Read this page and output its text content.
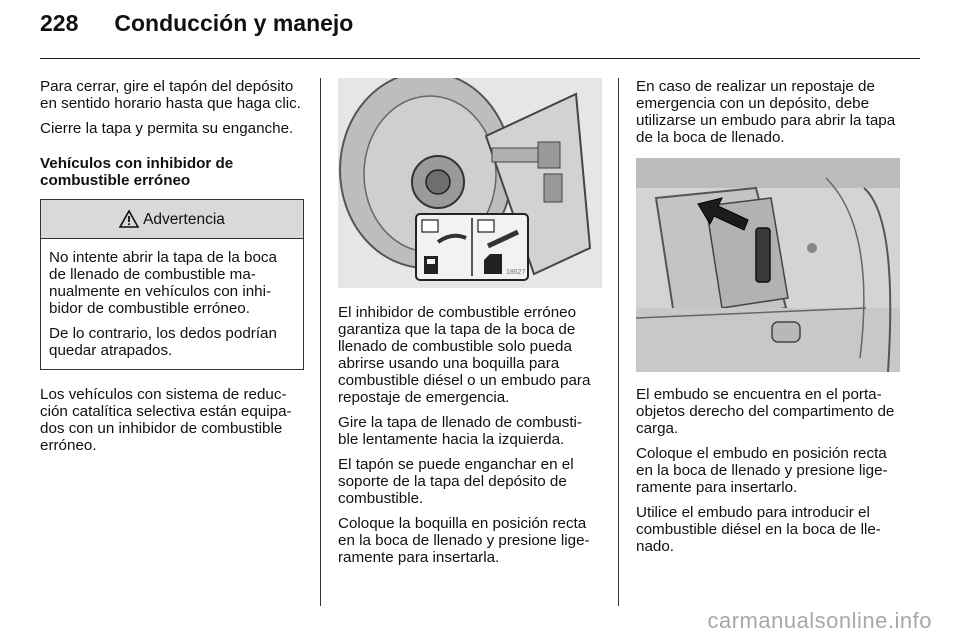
228 Conducción y manejo

Para cerrar, gire el tapón del depósito en sentido horario hasta que haga clic.

Cierre la tapa y permita su enganche.

Vehículos con inhibidor de combustible erróneo

Advertencia

No intente abrir la tapa de la boca de llenado de combustible ma-nualmente en vehículos con inhi-bidor de combustible erróneo.

De lo contrario, los dedos podrían quedar atrapados.

Los vehículos con sistema de reduc-ción catalítica selectiva están equipa-dos con un inhibidor de combustible erróneo.

18627

El inhibidor de combustible erróneo garantiza que la tapa de la boca de llenado de combustible solo pueda abrirse usando una boquilla para combustible diésel o un embudo para repostaje de emergencia.

Gire la tapa de llenado de combusti-ble lentamente hacia la izquierda.

El tapón se puede enganchar en el soporte de la tapa del depósito de combustible.

Coloque la boquilla en posición recta en la boca de llenado y presione lige-ramente para insertarla.

En caso de realizar un repostaje de emergencia con un depósito, debe utilizarse un embudo para abrir la tapa de la boca de llenado.

El embudo se encuentra en el porta-objetos derecho del compartimento de carga.

Coloque el embudo en posición recta en la boca de llenado y presione lige-ramente para insertarlo.

Utilice el embudo para introducir el combustible diésel en la boca de lle-nado.

carmanualsonline.info
